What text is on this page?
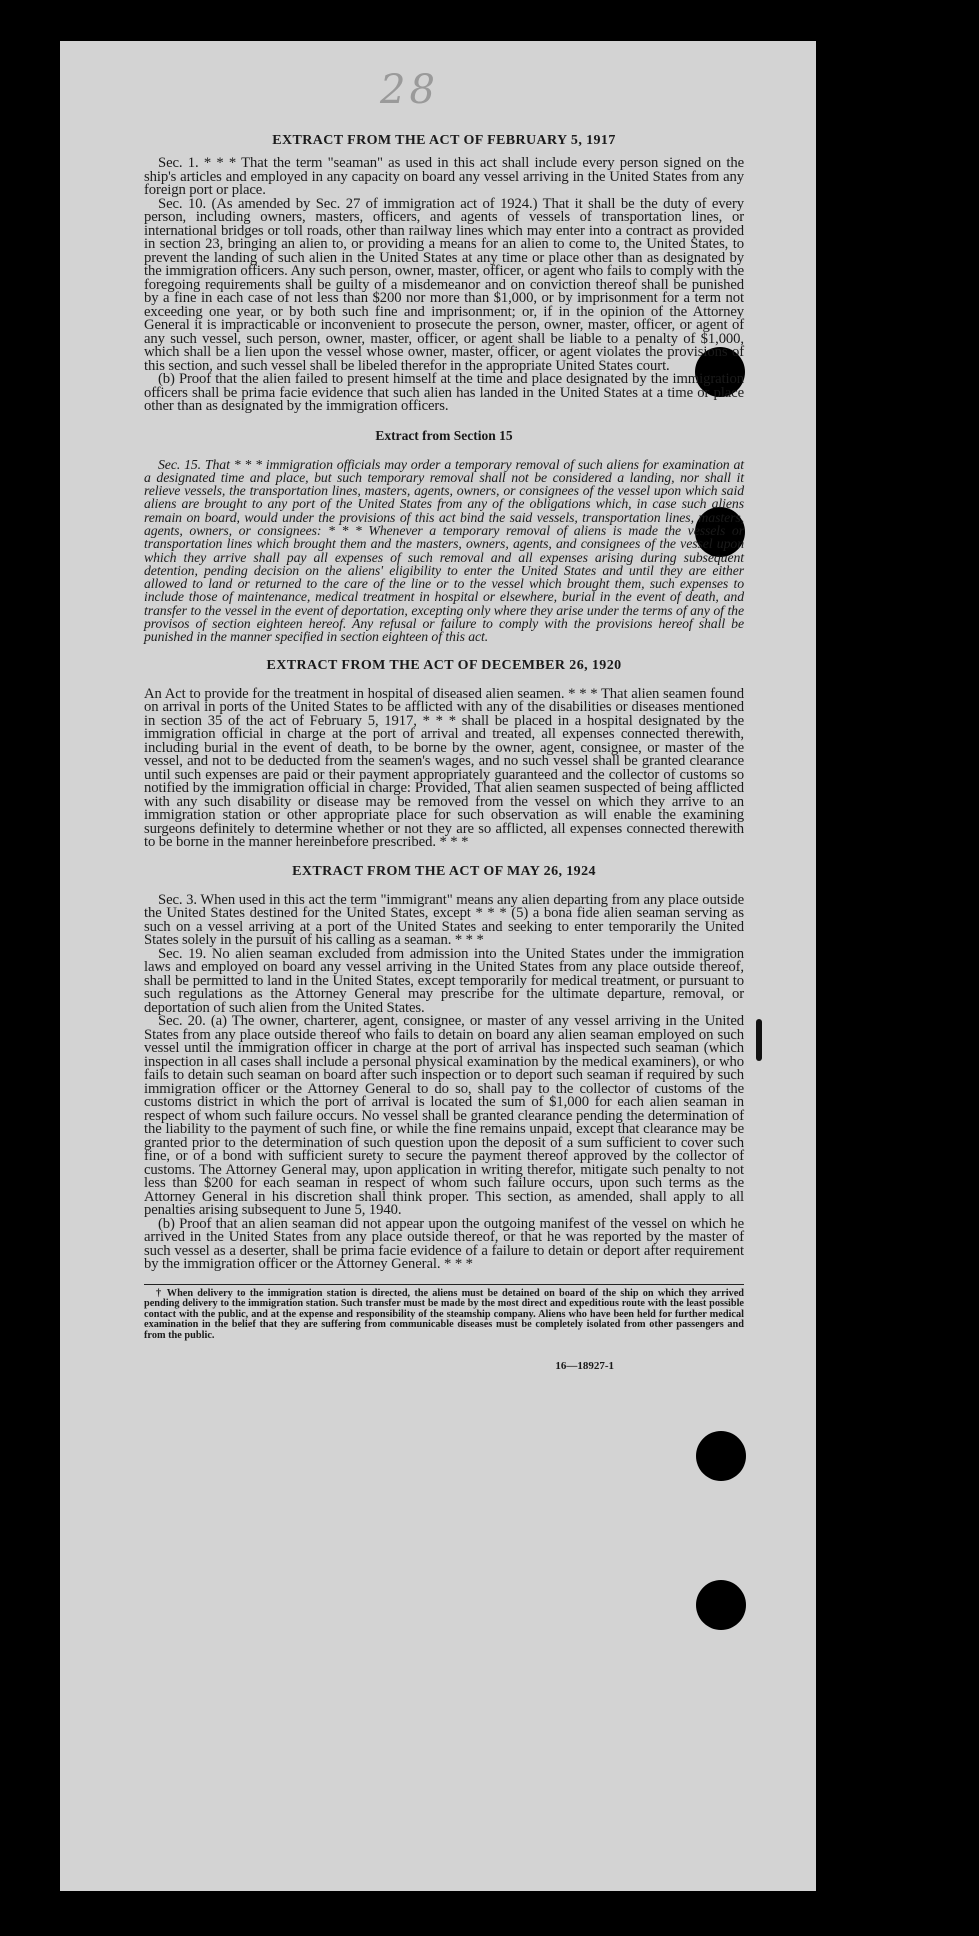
28
EXTRACT FROM THE ACT OF FEBRUARY 5, 1917

Sec. 1. * * * That the term "seaman" as used in this act shall include every person signed on the ship's articles and employed in any capacity on board any vessel arriving in the United States from any foreign port or place.

Sec. 10. (As amended by Sec. 27 of immigration act of 1924.) That it shall be the duty of every person, including owners, masters, officers, and agents of vessels of transportation lines, or international bridges or toll roads, other than railway lines which may enter into a contract as provided in section 23, bringing an alien to, or providing a means for an alien to come to, the United States, to prevent the landing of such alien in the United States at any time or place other than as designated by the immigration officers. Any such person, owner, master, officer, or agent who fails to comply with the foregoing requirements shall be guilty of a misdemeanor and on conviction thereof shall be punished by a fine in each case of not less than $200 nor more than $1,000, or by imprisonment for a term not exceeding one year, or by both such fine and imprisonment; or, if in the opinion of the Attorney General it is impracticable or inconvenient to prosecute the person, owner, master, officer, or agent of any such vessel, such person, owner, master, officer, or agent shall be liable to a penalty of $1,000, which shall be a lien upon the vessel whose owner, master, officer, or agent violates the provisions of this section, and such vessel shall be libeled therefor in the appropriate United States court.

(b) Proof that the alien failed to present himself at the time and place designated by the immigration officers shall be prima facie evidence that such alien has landed in the United States at a time or place other than as designated by the immigration officers.

Extract from Section 15

Sec. 15. That * * * immigration officials may order a temporary removal of such aliens for examination at a designated time and place, but such temporary removal shall not be considered a landing, nor shall it relieve vessels, the transportation lines, masters, agents, owners, or consignees of the vessel upon which said aliens are brought to any port of the United States from any of the obligations which, in case such aliens remain on board, would under the provisions of this act bind the said vessels, transportation lines, masters, agents, owners, or consignees: * * * Whenever a temporary removal of aliens is made the vessels or transportation lines which brought them and the masters, owners, agents, and consignees of the vessel upon which they arrive shall pay all expenses of such removal and all expenses arising during subsequent detention, pending decision on the aliens' eligibility to enter the United States and until they are either allowed to land or returned to the care of the line or to the vessel which brought them, such expenses to include those of maintenance, medical treatment in hospital or elsewhere, burial in the event of death, and transfer to the vessel in the event of deportation, excepting only where they arise under the terms of any of the provisos of section eighteen hereof. Any refusal or failure to comply with the provisions hereof shall be punished in the manner specified in section eighteen of this act.

EXTRACT FROM THE ACT OF DECEMBER 26, 1920

An Act to provide for the treatment in hospital of diseased alien seamen. * * * That alien seamen found on arrival in ports of the United States to be afflicted with any of the disabilities or diseases mentioned in section 35 of the act of February 5, 1917, * * * shall be placed in a hospital designated by the immigration official in charge at the port of arrival and treated, all expenses connected therewith, including burial in the event of death, to be borne by the owner, agent, consignee, or master of the vessel, and not to be deducted from the seamen's wages, and no such vessel shall be granted clearance until such expenses are paid or their payment appropriately guaranteed and the collector of customs so notified by the immigration official in charge: Provided, That alien seamen suspected of being afflicted with any such disability or disease may be removed from the vessel on which they arrive to an immigration station or other appropriate place for such observation as will enable the examining surgeons definitely to determine whether or not they are so afflicted, all expenses connected therewith to be borne in the manner hereinbefore prescribed. * * *

EXTRACT FROM THE ACT OF MAY 26, 1924

Sec. 3. When used in this act the term "immigrant" means any alien departing from any place outside the United States destined for the United States, except * * * (5) a bona fide alien seaman serving as such on a vessel arriving at a port of the United States and seeking to enter temporarily the United States solely in the pursuit of his calling as a seaman. * * *

Sec. 19. No alien seaman excluded from admission into the United States under the immigration laws and employed on board any vessel arriving in the United States from any place outside thereof, shall be permitted to land in the United States, except temporarily for medical treatment, or pursuant to such regulations as the Attorney General may prescribe for the ultimate departure, removal, or deportation of such alien from the United States.

Sec. 20. (a) The owner, charterer, agent, consignee, or master of any vessel arriving in the United States from any place outside thereof who fails to detain on board any alien seaman employed on such vessel until the immigration officer in charge at the port of arrival has inspected such seaman (which inspection in all cases shall include a personal physical examination by the medical examiners), or who fails to detain such seaman on board after such inspection or to deport such seaman if required by such immigration officer or the Attorney General to do so, shall pay to the collector of customs of the customs district in which the port of arrival is located the sum of $1,000 for each alien seaman in respect of whom such failure occurs. No vessel shall be granted clearance pending the determination of the liability to the payment of such fine, or while the fine remains unpaid, except that clearance may be granted prior to the determination of such question upon the deposit of a sum sufficient to cover such fine, or of a bond with sufficient surety to secure the payment thereof approved by the collector of customs. The Attorney General may, upon application in writing therefor, mitigate such penalty to not less than $200 for each seaman in respect of whom such failure occurs, upon such terms as the Attorney General in his discretion shall think proper. This section, as amended, shall apply to all penalties arising subsequent to June 5, 1940.

(b) Proof that an alien seaman did not appear upon the outgoing manifest of the vessel on which he arrived in the United States from any place outside thereof, or that he was reported by the master of such vessel as a deserter, shall be prima facie evidence of a failure to detain or deport after requirement by the immigration officer or the Attorney General. * * *

† When delivery to the immigration station is directed, the aliens must be detained on board of the ship on which they arrived pending delivery to the immigration station. Such transfer must be made by the most direct and expeditious route with the least possible contact with the public, and at the expense and responsibility of the steamship company. Aliens who have been held for further medical examination in the belief that they are suffering from communicable diseases must be completely isolated from other passengers and from the public.
16—18927-1
